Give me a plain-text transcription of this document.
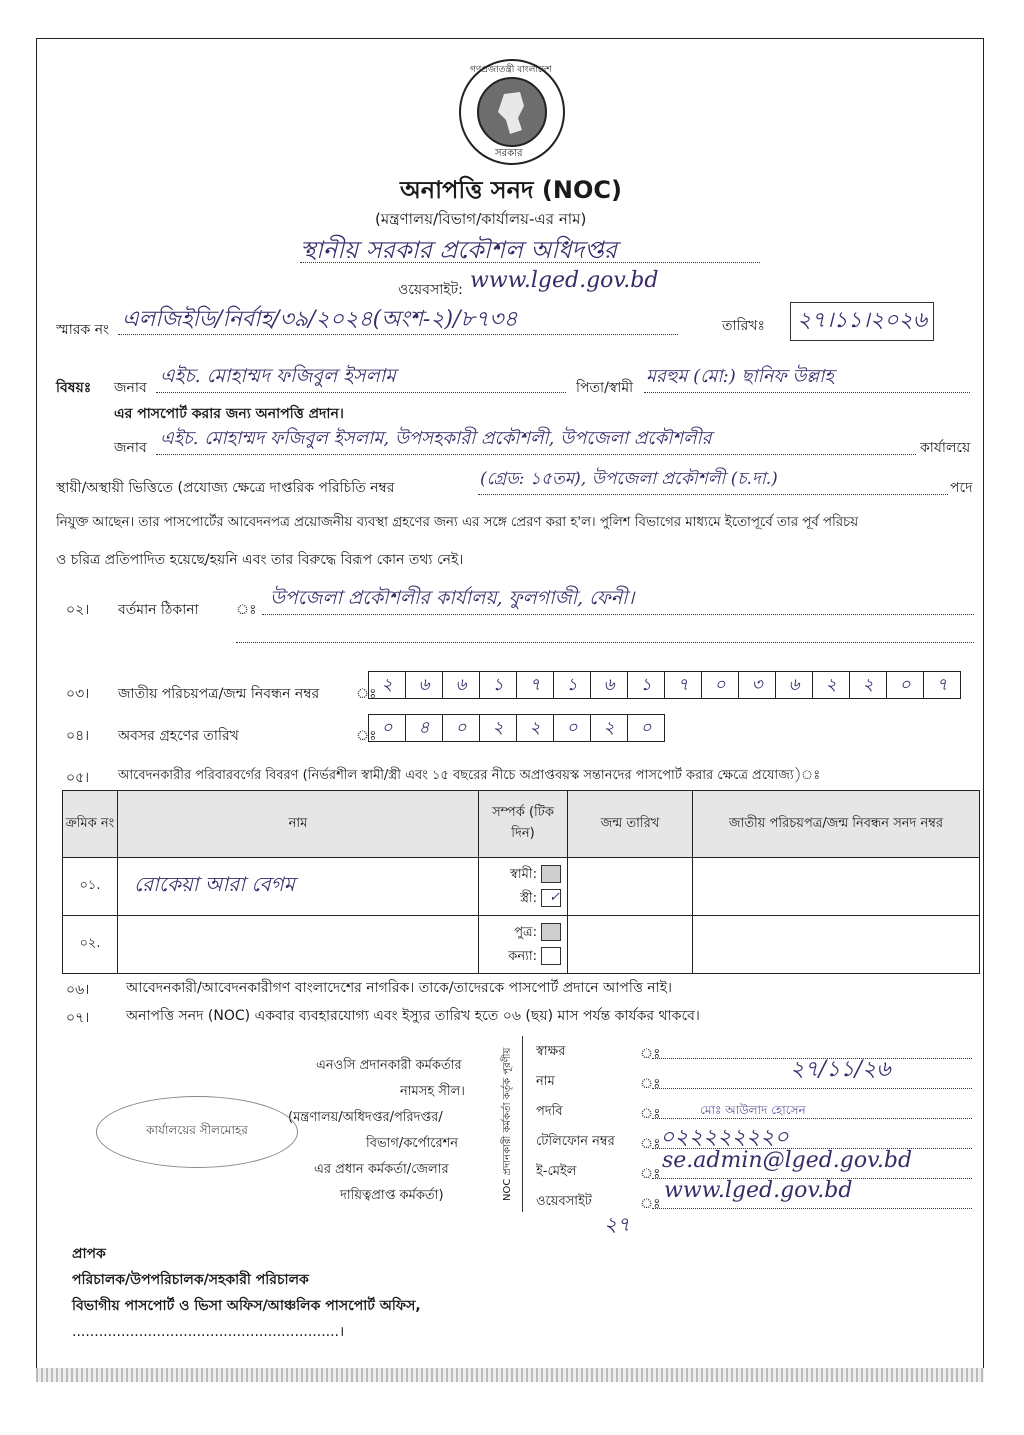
গণপ্রজাতন্ত্রী বাংলাদেশ
সরকার
অনাপত্তি সনদ (NOC)
(মন্ত্রণালয়/বিভাগ/কার্যালয়-এর নাম)
স্থানীয় সরকার প্রকৌশল অধিদপ্তর
ওয়েবসাইট: www.lged.gov.bd
স্মারক নং এলজিইডি/নির্বাহ/৩৯/২০২৪(অংশ-২)/৮৭৩৪	তারিখঃ	২৭।১১।২০২৬
বিষয়ঃ জনাব
এইচ. মোহাম্মদ ফজিবুল ইসলাম
পিতা/স্বামী
মরহুম (মো:) ছানিফ উল্লাহ
এর পাসপোর্ট করার জন্য অনাপত্তি প্রদান।
জনাব এইচ. মোহাম্মদ ফজিবুল ইসলাম, উপসহকারী প্রকৌশলী, উপজেলা প্রকৌশলীর	কার্যালয়ে
স্থায়ী/অস্থায়ী ভিত্তিতে (প্রযোজ্য ক্ষেত্রে দাপ্তরিক পরিচিতি নম্বর	(গ্রেড: ১৫তম), উপজেলা প্রকৌশলী (চ.দা.)	পদে
নিযুক্ত আছেন। তার পাসপোর্টের আবেদনপত্র প্রয়োজনীয় ব্যবস্থা গ্রহণের জন্য এর সঙ্গে প্রেরণ করা হ'ল। পুলিশ বিভাগের মাধ্যমে ইতোপূর্বে তার পূর্ব পরিচয়
ও চরিত্র প্রতিপাদিত হয়েছে/হয়নি এবং তার বিরুদ্ধে বিরূপ কোন তথ্য নেই।
০২। বর্তমান ঠিকানা	ঃ
উপজেলা প্রকৌশলীর কার্যালয়, ফুলগাজী, ফেনী।
০৩। জাতীয় পরিচয়পত্র/জন্ম নিবন্ধন নম্বর	ঃ ২	৬	৬	১	৭	১	৬	১	৭	০	৩	৬	২	২	০	৭
০৪। অবসর গ্রহণের তারিখ	ঃ ০	৪	০	২	২	০	২	০
০৫। আবেদনকারীর পরিবারবর্গের বিবরণ (নির্ভরশীল স্বামী/স্ত্রী এবং ১৫ বছরের নীচে অপ্রাপ্তবয়স্ক সন্তানদের পাসপোর্ট করার ক্ষেত্রে প্রযোজ্য)ঃ
ক্রমিক নং	নাম	সম্পর্ক (টিক দিন)	জন্ম তারিখ	জাতীয় পরিচয়পত্র/জন্ম নিবন্ধন সনদ নম্বর
০১.	রোকেয়া আরা বেগম	স্বামী:
স্ত্রী: ✓		
০২.		পুত্র:
কন্যা:		
০৬।	আবেদনকারী/আবেদনকারীগণ বাংলাদেশের নাগরিক। তাকে/তাদেরকে পাসপোর্ট প্রদানে আপত্তি নাই।
০৭।	অনাপত্তি সনদ (NOC) একবার ব্যবহারযোগ্য এবং ইস্যুর তারিখ হতে ০৬ (ছয়) মাস পর্যন্ত কার্যকর থাকবে।
এনওসি প্রদানকারী কর্মকর্তার
নামসহ সীল।
(মন্ত্রণালয়/অধিদপ্তর/পরিদপ্তর/
বিভাগ/কর্পোরেশন
এর প্রধান কর্মকর্তা/জেলার
দায়িত্বপ্রাপ্ত কর্মকর্তা)
কার্যালয়ের সীলমোহর	NOC প্রদানকারী কর্মকর্তা কর্তৃক পূরণীয়	স্বাক্ষর	ঃ
২৭/১১/২৬
নাম	ঃ
পদবি	ঃ	মোঃ আউলাদ হোসেন
টেলিফোন নম্বর ঃ ০২২২২২২২০
ই-মেইল	ঃ
se.admin@lged.gov.bd
ওয়েবসাইট	ঃ
www.lged.gov.bd
২৭
প্রাপক
পরিচালক/উপপরিচালক/সহকারী পরিচালক
বিভাগীয় পাসপোর্ট ও ভিসা অফিস/আঞ্চলিক পাসপোর্ট অফিস,
............................................................।
